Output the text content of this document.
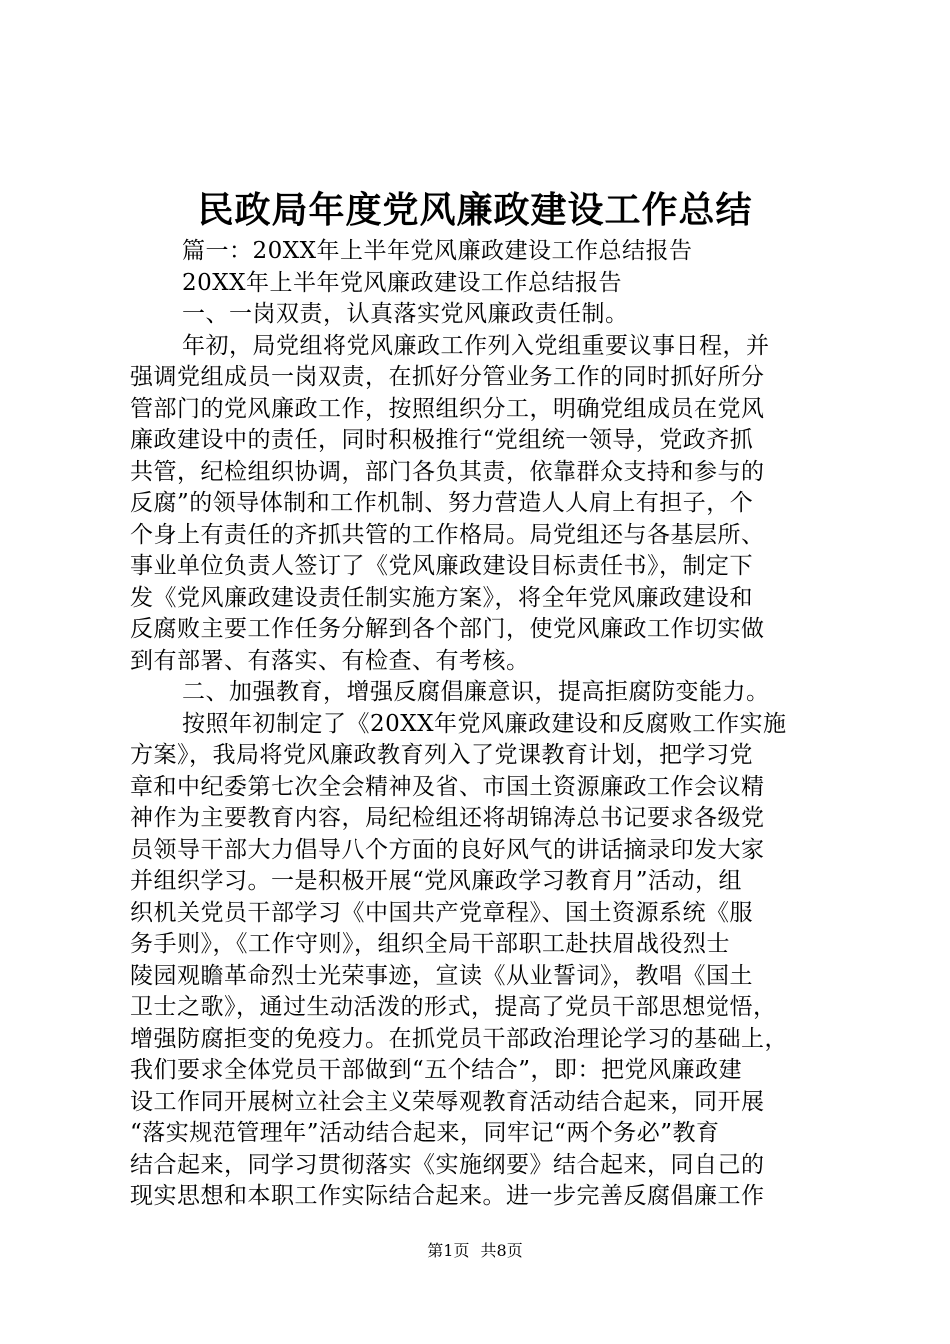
民政局年度党风廉政建设工作总结
篇一：20XX年上半年党风廉政建设工作总结报告
20XX年上半年党风廉政建设工作总结报告
一、一岗双责，认真落实党风廉政责任制。
年初，局党组将党风廉政工作列入党组重要议事日程，并
强调党组成员一岗双责，在抓好分管业务工作的同时抓好所分
管部门的党风廉政工作，按照组织分工，明确党组成员在党风
廉政建设中的责任，同时积极推行“党组统一领导，党政齐抓
共管，纪检组织协调，部门各负其责，依靠群众支持和参与的
反腐”的领导体制和工作机制、努力营造人人肩上有担子，个
个身上有责任的齐抓共管的工作格局。局党组还与各基层所、
事业单位负责人签订了《党风廉政建设目标责任书》，制定下
发《党风廉政建设责任制实施方案》，将全年党风廉政建设和
反腐败主要工作任务分解到各个部门，使党风廉政工作切实做
到有部署、有落实、有检查、有考核。
二、加强教育，增强反腐倡廉意识，提高拒腐防变能力。
按照年初制定了《20XX年党风廉政建设和反腐败工作实施
方案》，我局将党风廉政教育列入了党课教育计划，把学习党
章和中纪委第七次全会精神及省、市国土资源廉政工作会议精
神作为主要教育内容，局纪检组还将胡锦涛总书记要求各级党
员领导干部大力倡导八个方面的良好风气的讲话摘录印发大家
并组织学习。一是积极开展“党风廉政学习教育月”活动，组
织机关党员干部学习《中国共产党章程》、国土资源系统《服
务手则》，《工作守则》，组织全局干部职工赴扶眉战役烈士
陵园观瞻革命烈士光荣事迹，宣读《从业誓词》，教唱《国土
卫士之歌》，通过生动活泼的形式，提高了党员干部思想觉悟，
增强防腐拒变的免疫力。在抓党员干部政治理论学习的基础上，
我们要求全体党员干部做到“五个结合”，即：把党风廉政建
设工作同开展树立社会主义荣辱观教育活动结合起来，同开展
“落实规范管理年”活动结合起来，同牢记“两个务必”教育
结合起来，同学习贯彻落实《实施纲要》结合起来，同自己的
现实思想和本职工作实际结合起来。进一步完善反腐倡廉工作
第1页 共8页
